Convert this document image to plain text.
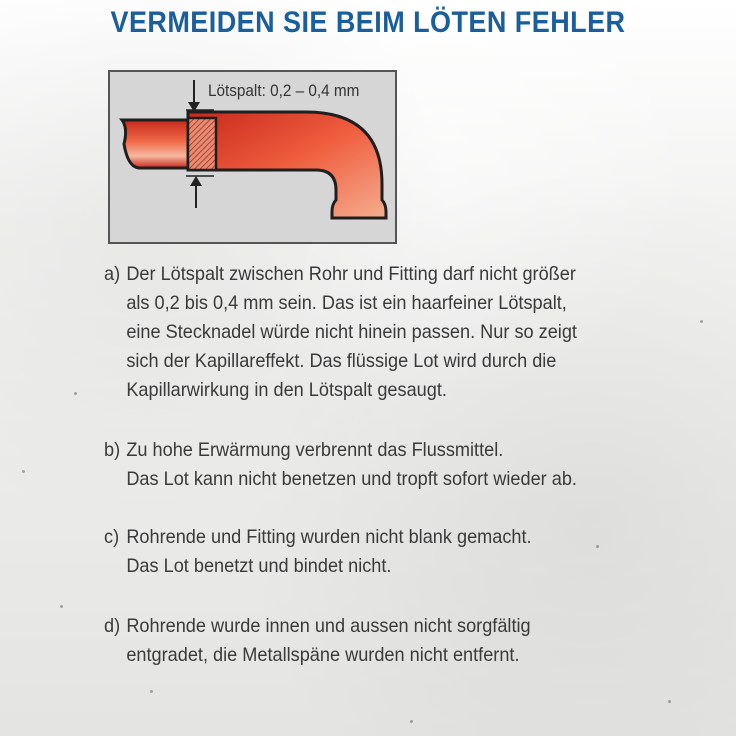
VERMEIDEN SIE BEIM LÖTEN FEHLER
Lötspalt: 0,2 – 0,4 mm
a) Der Lötspalt zwischen Rohr und Fitting darf nicht größer
als 0,2 bis 0,4 mm sein. Das ist ein haarfeiner Lötspalt,
eine Stecknadel würde nicht hinein passen. Nur so zeigt
sich der Kapillareffekt. Das flüssige Lot wird durch die
Kapillarwirkung in den Lötspalt gesaugt.
b) Zu hohe Erwärmung verbrennt das Flussmittel.
Das Lot kann nicht benetzen und tropft sofort wieder ab.
c) Rohrende und Fitting wurden nicht blank gemacht.
Das Lot benetzt und bindet nicht.
d) Rohrende wurde innen und aussen nicht sorgfältig
entgradet, die Metallspäne wurden nicht entfernt.
